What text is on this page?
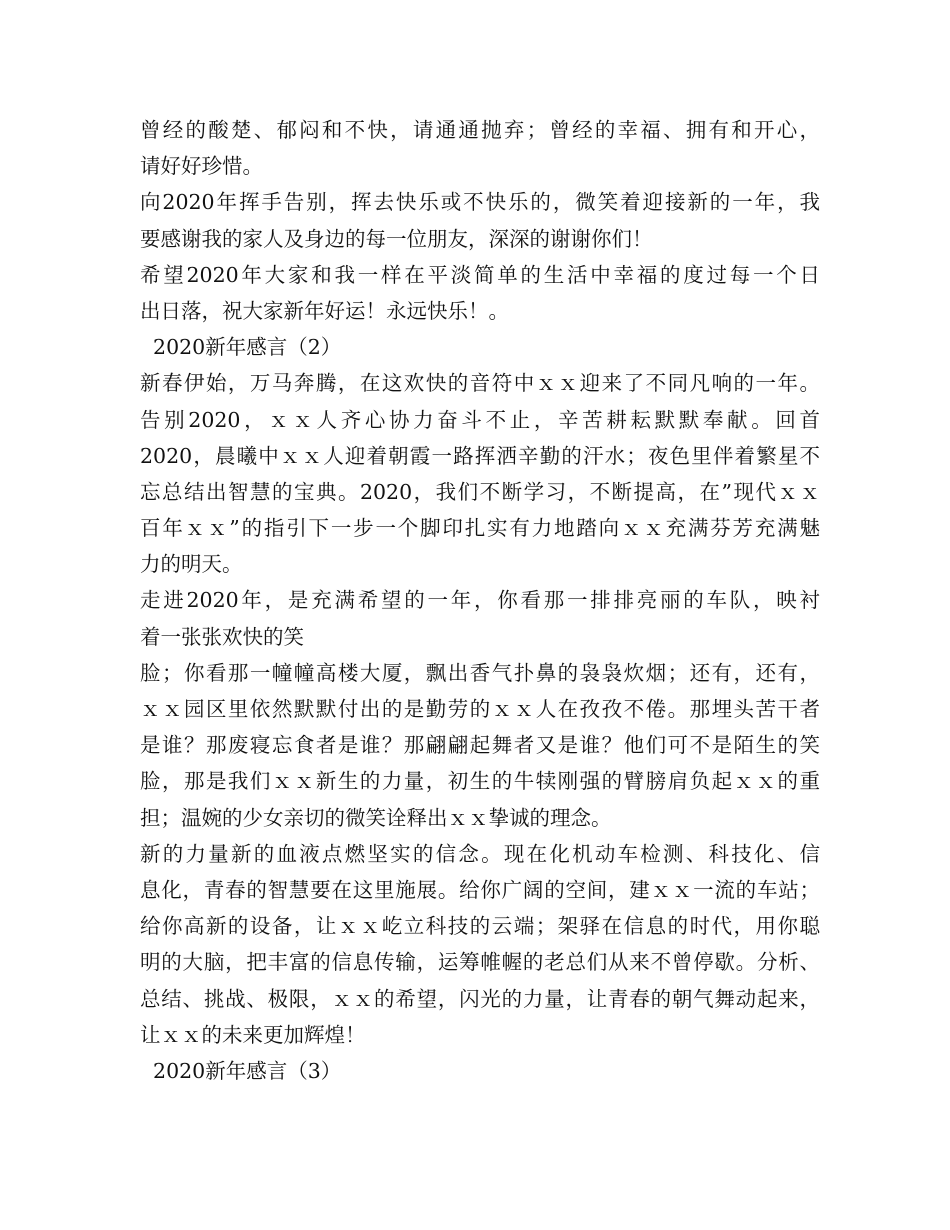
曾经的酸楚、郁闷和不快，请通通抛弃；曾经的幸福、拥有和开心，
请好好珍惜。
向2020年挥手告别，挥去快乐或不快乐的，微笑着迎接新的一年，我
要感谢我的家人及身边的每一位朋友，深深的谢谢你们！
希望2020年大家和我一样在平淡简单的生活中幸福的度过每一个日
出日落，祝大家新年好运！永远快乐！。
2020新年感言（2）
新春伊始，万马奔腾，在这欢快的音符中ｘｘ迎来了不同凡响的一年。
告别2020，ｘｘ人齐心协力奋斗不止，辛苦耕耘默默奉献。回首
2020，晨曦中ｘｘ人迎着朝霞一路挥洒辛勤的汗水；夜色里伴着繁星不
忘总结出智慧的宝典。2020，我们不断学习，不断提高，在”现代ｘｘ
百年ｘｘ”的指引下一步一个脚印扎实有力地踏向ｘｘ充满芬芳充满魅
力的明天。
走进2020年，是充满希望的一年，你看那一排排亮丽的车队，映衬
着一张张欢快的笑
脸；你看那一幢幢高楼大厦，飘出香气扑鼻的袅袅炊烟；还有，还有，
ｘｘ园区里依然默默付出的是勤劳的ｘｘ人在孜孜不倦。那埋头苦干者
是谁？那废寝忘食者是谁？那翩翩起舞者又是谁？他们可不是陌生的笑
脸，那是我们ｘｘ新生的力量，初生的牛犊刚强的臂膀肩负起ｘｘ的重
担；温婉的少女亲切的微笑诠释出ｘｘ挚诚的理念。
新的力量新的血液点燃坚实的信念。现在化机动车检测、科技化、信
息化，青春的智慧要在这里施展。给你广阔的空间，建ｘｘ一流的车站；
给你高新的设备，让ｘｘ屹立科技的云端；架驿在信息的时代，用你聪
明的大脑，把丰富的信息传输，运筹帷幄的老总们从来不曾停歇。分析、
总结、挑战、极限，ｘｘ的希望，闪光的力量，让青春的朝气舞动起来，
让ｘｘ的未来更加辉煌！
2020新年感言（3）
